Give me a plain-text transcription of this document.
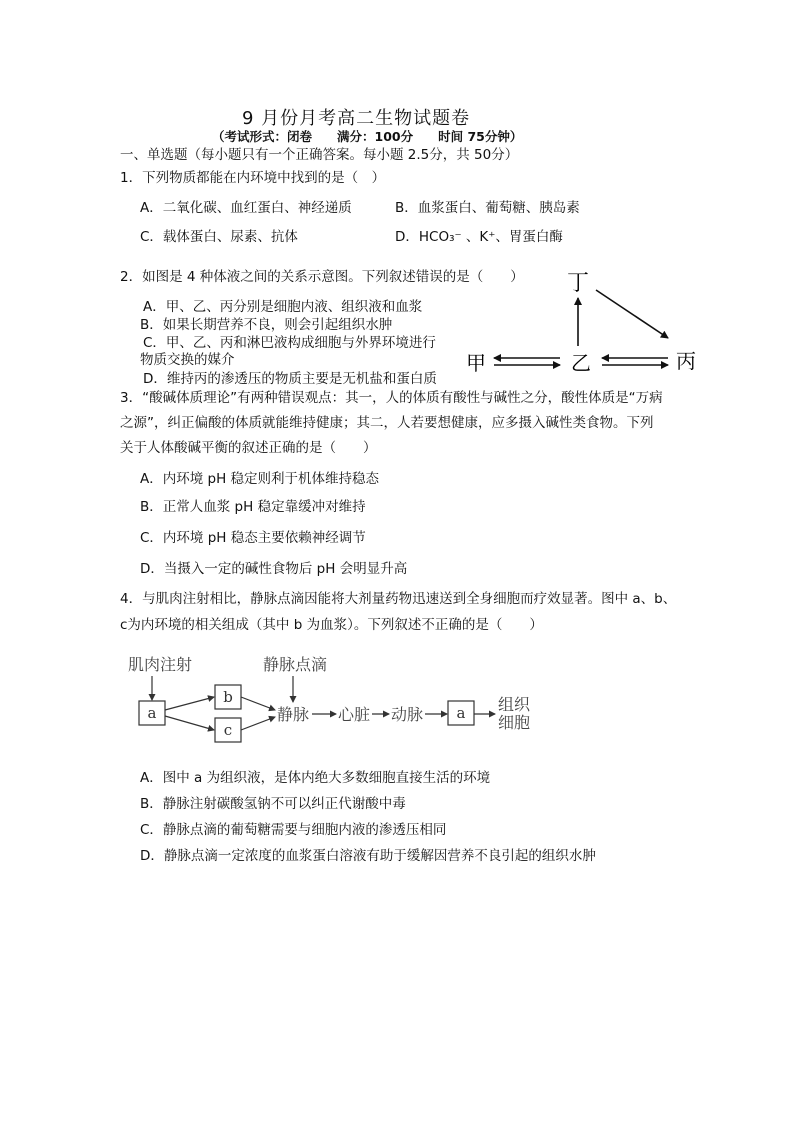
9 月份月考高二生物试题卷
（考试形式：闭卷　　满分：100分　　时间 75分钟）
一、单选题（每小题只有一个正确答案。每小题 2.5分，共 50分）
1．下列物质都能在内环境中找到的是（　）
A．二氧化碳、血红蛋白、神经递质	B．血浆蛋白、葡萄糖、胰岛素
C．载体蛋白、尿素、抗体	D．HCO₃⁻ 、K⁺、胃蛋白酶
2．如图是 4 种体液之间的关系示意图。下列叙述错误的是（　　）
A．甲、乙、丙分别是细胞内液、组织液和血浆
B．如果长期营养不良，则会引起组织水肿
C．甲、乙、丙和淋巴液构成细胞与外界环境进行
物质交换的媒介
D．维持丙的渗透压的物质主要是无机盐和蛋白质
丁
甲	乙	丙
3．“酸碱体质理论”有两种错误观点：其一，人的体质有酸性与碱性之分，酸性体质是“万病
之源”，纠正偏酸的体质就能维持健康；其二，人若要想健康，应多摄入碱性类食物。下列
关于人体酸碱平衡的叙述正确的是（　　）
A．内环境 pH 稳定则利于机体维持稳态
B．正常人血浆 pH 稳定靠缓冲对维持
C．内环境 pH 稳态主要依赖神经调节
D．当摄入一定的碱性食物后 pH 会明显升高
4．与肌肉注射相比，静脉点滴因能将大剂量药物迅速送到全身细胞而疗效显著。图中 a、b、
c为内环境的相关组成（其中 b 为血浆）。下列叙述不正确的是（　　）
肌肉注射	静脉点滴
静脉 心脏 动脉
组织
细胞
a
b
c
a
A．图中 a 为组织液，是体内绝大多数细胞直接生活的环境
B．静脉注射碳酸氢钠不可以纠正代谢酸中毒
C．静脉点滴的葡萄糖需要与细胞内液的渗透压相同
D．静脉点滴一定浓度的血浆蛋白溶液有助于缓解因营养不良引起的组织水肿
